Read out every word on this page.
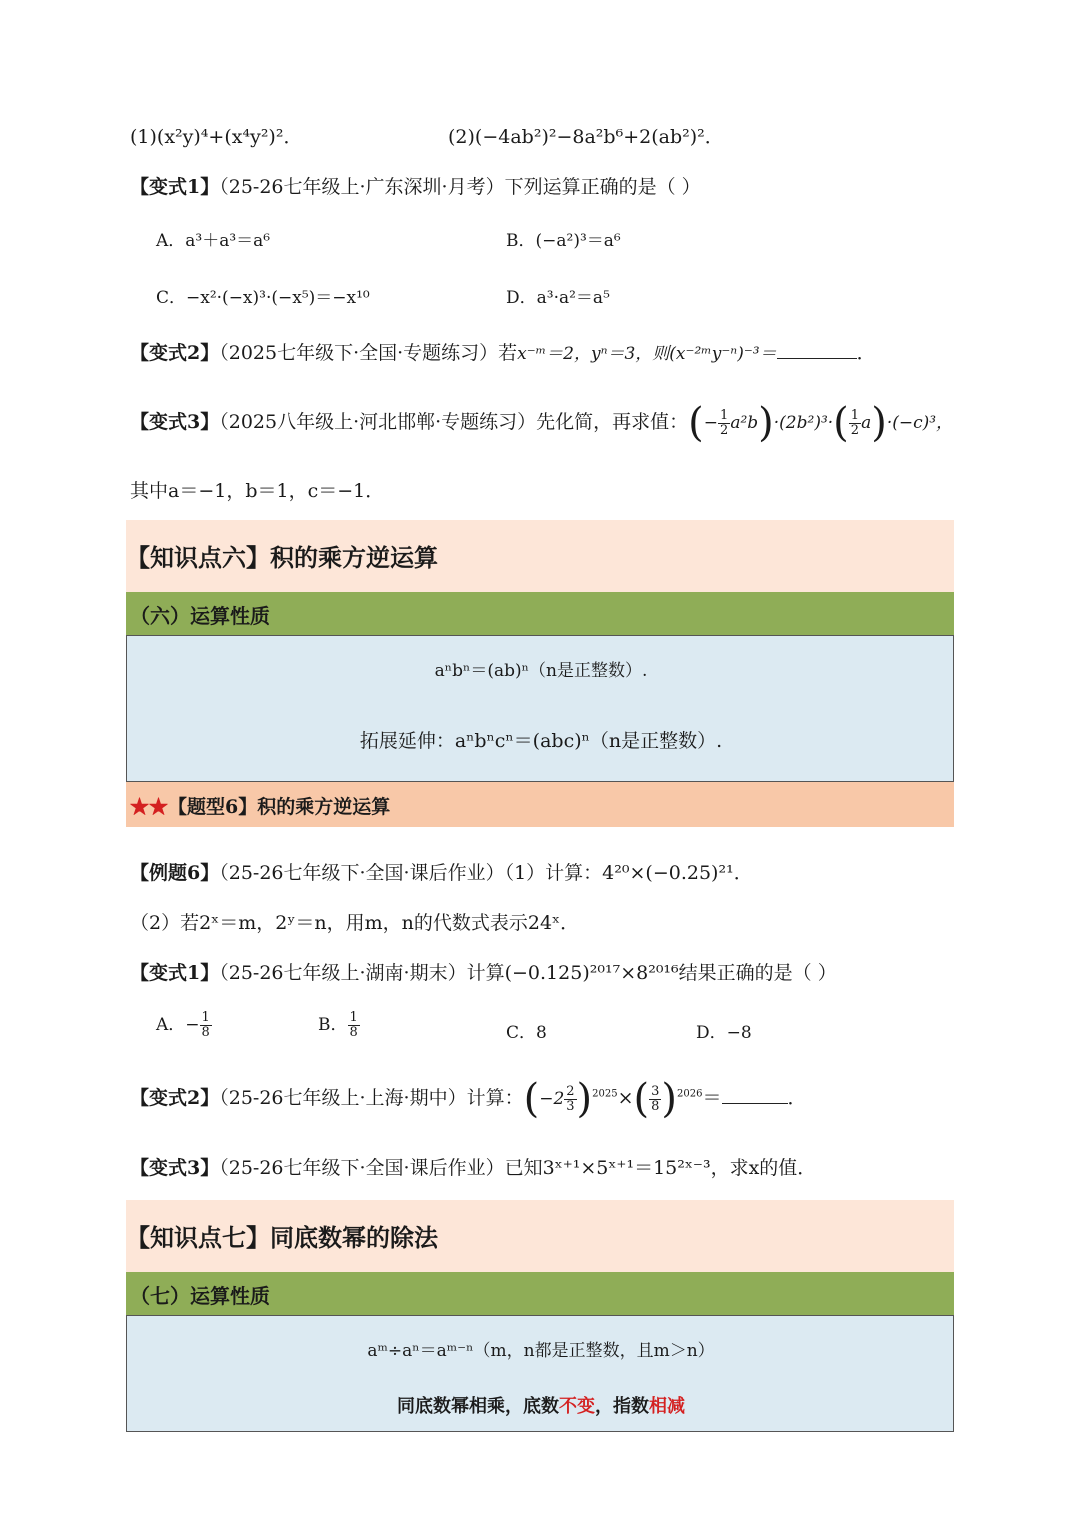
(1)(x²y)⁴+(x⁴y²)²．	(2)(−4ab²)²−8a²b⁶+2(ab²)²．
【变式1】（25-26七年级上·广东深圳·月考）下列运算正确的是（ ）
A．a³＋a³＝a⁶	B．(−a²)³＝a⁶
C．−x²·(−x)³·(−x⁵)＝−x¹⁰	D．a³·a²＝a⁵
【变式2】（2025七年级下·全国·专题练习）若x⁻ᵐ＝2，yⁿ＝3，则(x⁻²ᵐy⁻ⁿ)⁻³＝	．
【变式3】（2025八年级上·河北邯郸·专题练习）先化简，再求值：(− $\frac{1}{2} a^2b)\cdot(2b^2)^3\cdot( \frac{1}{2} a)\cdot(-c)^3$，
其中a＝−1，b＝1，c＝−1．
【知识点六】积的乘方逆运算
（六）运算性质
aⁿbⁿ＝(ab)ⁿ（n是正整数）.
拓展延伸：aⁿbⁿcⁿ＝(abc)ⁿ（n是正整数）.
★★【题型6】积的乘方逆运算
【例题6】（25-26七年级下·全国·课后作业）（1）计算：4²⁰×(−0.25)²¹．
（2）若2ˣ＝m，2ʸ＝n，用m，n的代数式表示24ˣ．
【变式1】（25-26七年级上·湖南·期末）计算(−0.125)²⁰¹⁷×8²⁰¹⁶结果正确的是（ ）
A．− $\frac{1}{8}$	B． $\frac{1}{8}$	C．8	D．−8
【变式2】（25-26七年级上·上海·期中）计算：$(-2 \frac{2}{3} )^{2025}\times( \frac{3}{8} )^{2026}=$	．
【变式3】（25-26七年级下·全国·课后作业）已知3ˣ⁺¹×5ˣ⁺¹＝15²ˣ⁻³，求x的值．
【知识点七】同底数幂的除法
（七）运算性质
aᵐ÷aⁿ＝aᵐ⁻ⁿ（m，n都是正整数，且m＞n）
同底数幂相乘，底数不变，指数相减
